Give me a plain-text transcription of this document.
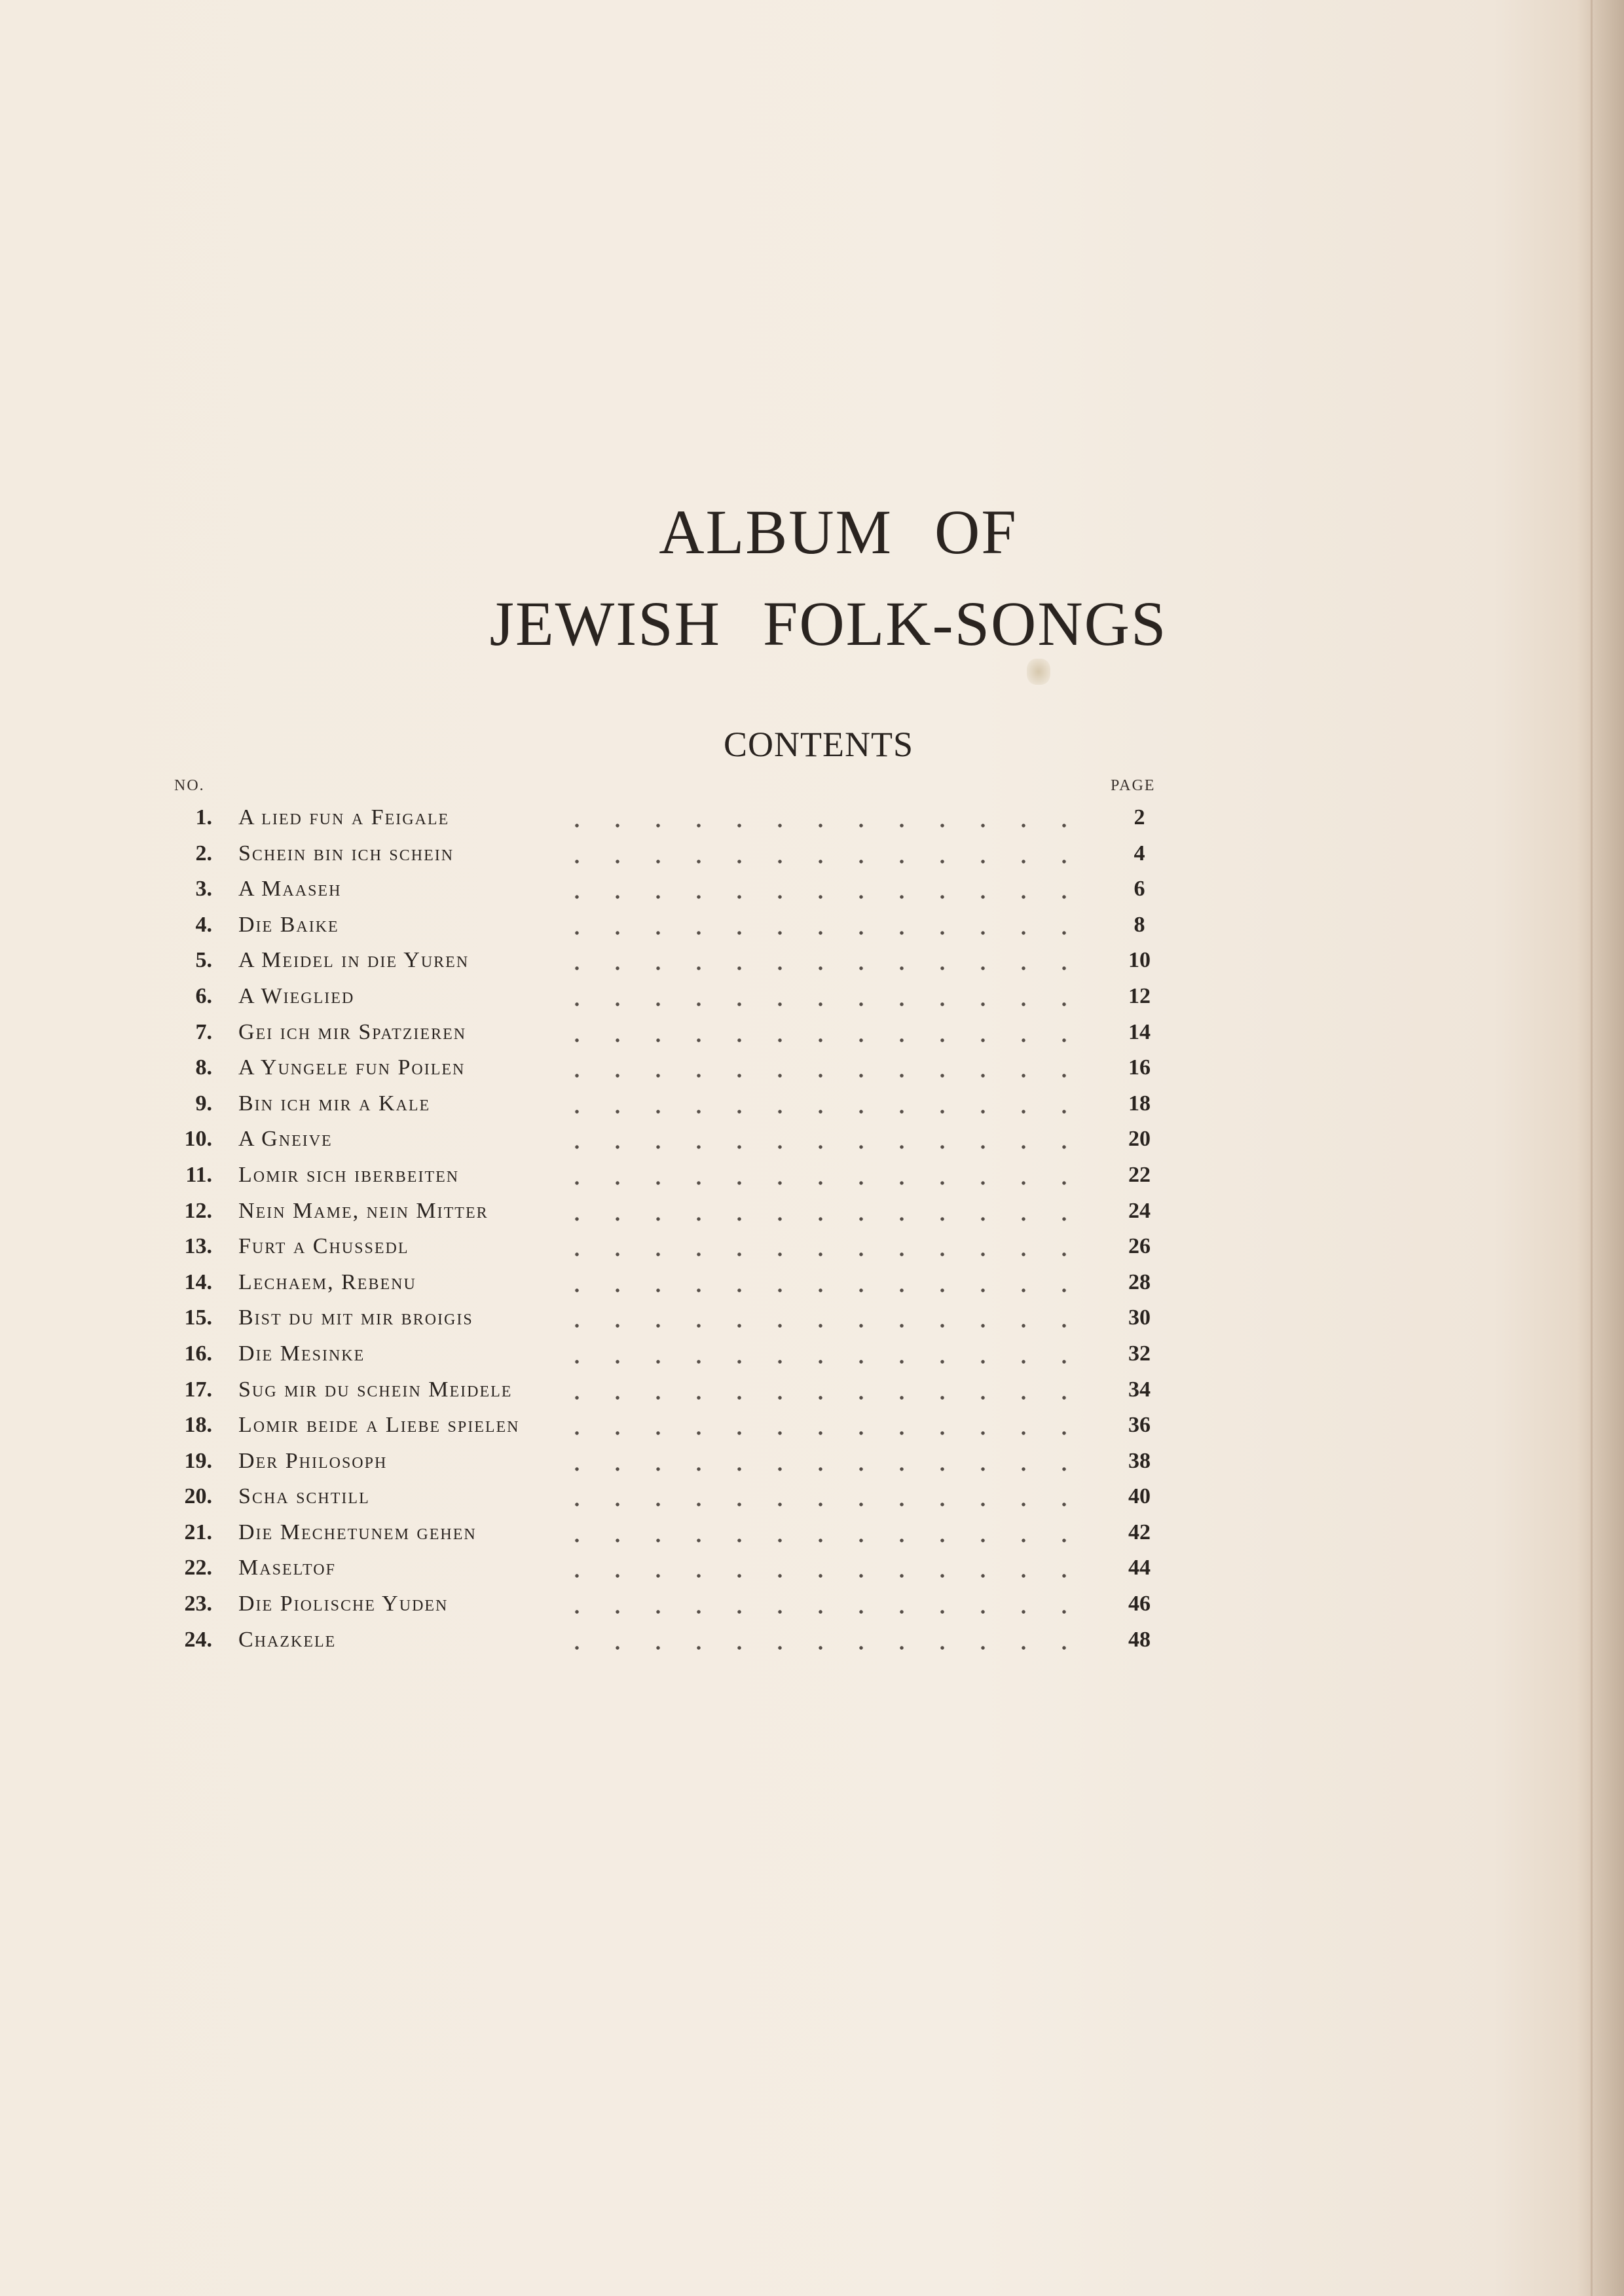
ALBUM OF
JEWISH FOLK-SONGS
CONTENTS
NO.	PAGE
1. A lied fun a Feigale	2
2. Schein bin ich schein	4
3. A Maaseh	6
4. Die Baike	8
5. A Meidel in die Yuren	10
6. A Wieglied	12
7. Gei ich mir Spatzieren	14
8. A Yungele fun Poilen	16
9. Bin ich mir a Kale	18
10. A Gneive	20
11. Lomir sich iberbeiten	22
12. Nein Mame, nein Mitter	24
13. Furt a Chussedl	26
14. Lechaem, Rebenu	28
15. Bist du mit mir broigis	30
16. Die Mesinke	32
17. Sug mir du schein Meidele	34
18. Lomir beide a Liebe spielen	36
19. Der Philosoph	38
20. Scha schtill	40
21. Die Mechetunem gehen	42
22. Maseltof	44
23. Die Piolische Yuden	46
24. Chazkele	48
